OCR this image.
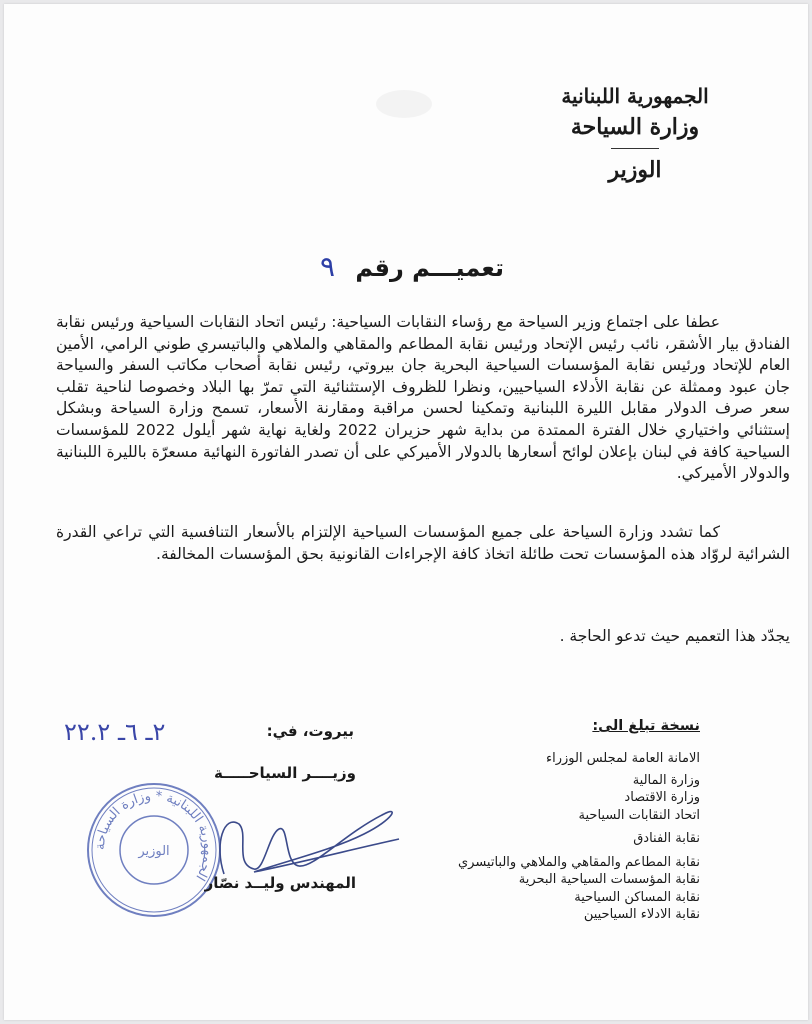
الجمهورية اللبنانية
وزارة السياحة
الوزير
تعميـــم رقم ٩
عطفا على اجتماع وزير السياحة مع رؤساء النقابات السياحية: رئيس اتحاد النقابات السياحية ورئيس نقابة الفنادق بيار الأشقر، نائب رئيس الإتحاد ورئيس نقابة المطاعم والمقاهي والملاهي والباتيسري طوني الرامي، الأمين العام للإتحاد ورئيس نقابة المؤسسات السياحية البحرية جان بيروتي، رئيس نقابة أصحاب مكاتب السفر والسياحة جان عبود وممثلة عن نقابة الأدلاء السياحيين، ونظرا للظروف الإستثنائية التي تمرّ بها البلاد وخصوصا لناحية تقلب سعر صرف الدولار مقابل الليرة اللبنانية وتمكينا لحسن مراقبة ومقارنة الأسعار، تسمح وزارة السياحة وبشكل إستثنائي واختياري خلال الفترة الممتدة من بداية شهر حزيران 2022 ولغاية نهاية شهر أيلول 2022 للمؤسسات السياحية كافة في لبنان بإعلان لوائح أسعارها بالدولار الأميركي على أن تصدر الفاتورة النهائية مسعرّة بالليرة اللبنانية والدولار الأميركي.
كما تشدد وزارة السياحة على جميع المؤسسات السياحية الإلتزام بالأسعار التنافسية التي تراعي القدرة الشرائية لروّاد هذه المؤسسات تحت طائلة اتخاذ كافة الإجراءات القانونية بحق المؤسسات المخالفة.
يجدّد هذا التعميم حيث تدعو الحاجة .
٢ـ ٦ـ ٢٢.٢	بيروت، في:
وزيــــر السياحـــــة
الجمهورية اللبنانية * وزارة السياحة
الوزير
المهندس وليــد نصّار
نسخة تبلغ الى:
الامانة العامة لمجلس الوزراء
وزارة المالية
وزارة الاقتصاد
اتحاد النقابات السياحية
نقابة الفنادق
نقابة المطاعم والمقاهي والملاهي والباتيسري
نقابة المؤسسات السياحية البحرية
نقابة المساكن السياحية
نقابة الادلاء السياحيين
